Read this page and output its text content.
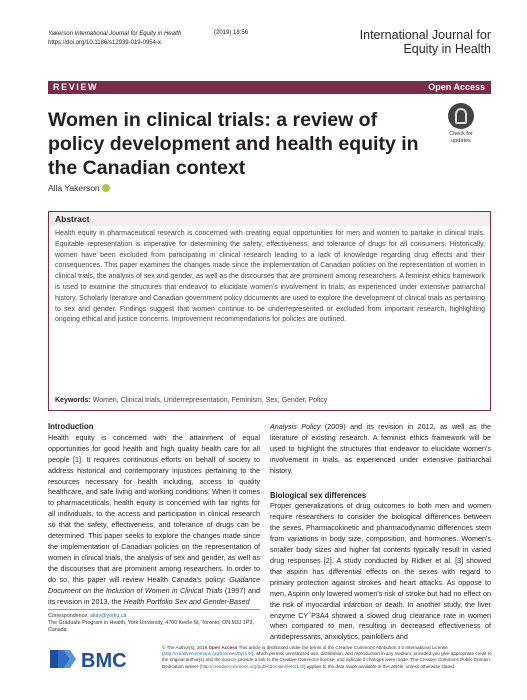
Yakerson International Journal for Equity in Health
https://doi.org/10.1186/s12939-019-0954-x
(2019) 18:56	International Journal for Equity in Health
REVIEW	Open Access
Women in clinical trials: a review of policy development and health equity in the Canadian context
Check for
updates
Alla Yakerson
Abstract

Health equity in pharmaceutical research is concerned with creating equal opportunities for men and women to partake in clinical trials. Equitable representation is imperative for determining the safety, effectiveness, and tolerance of drugs for all consumers. Historically, women have been excluded from participating in clinical research leading to a lack of knowledge regarding drug effects and their consequences. This paper examines the changes made since the implementation of Canadian policies on the representation of women in clinical trials, the analysis of sex and gender, as well as the discourses that are prominent among researchers. A feminist ethics framework is used to examine the structures that endeavor to elucidate women's involvement in trials, as experienced under extensive patriarchal history. Scholarly literature and Canadian government policy documents are used to explore the development of clinical trials as pertaining to sex and gender. Findings suggest that women continue to be underrepresented or excluded from important research, highlighting ongoing ethical and justice concerns. Improvement recommendations for policies are outlined.

Keywords: Women, Clinical trials, Underrepresentation, Feminism, Sex, Gender, Policy

Introduction

Health equity is concerned with the attainment of equal opportunities for good health and high quality health care for all people [1]. It requires continuous efforts on behalf of society to address historical and contemporary injustices pertaining to the resources necessary for health including, access to quality healthcare, and safe living and working conditions. When it comes to pharmaceuticals, health equity is concerned with fair rights for all individuals, to the access and participation in clinical research so that the safety, effectiveness, and tolerance of drugs can be determined. This paper seeks to explore the changes made since the implementation of Canadian policies on the representation of women in clinical trials, the analysis of sex and gender, as well as the discourses that are prominent among researchers. In order to do so, this paper will review Health Canada's policy: Guidance Document on the Inclusion of Women in Clinical Trials (1997) and its revision in 2013, the Health Portfolio Sex and Gender-Based

Analysis Policy (2009) and its revision in 2012, as well as the literature of existing research. A feminist ethics framework will be used to highlight the structures that endeavor to elucidate women's involvement in trials, as experienced under extensive patriarchal history.

Biological sex differences

Proper generalizations of drug outcomes to both men and women require researchers to consider the biological differences between the sexes. Pharmacokinetic and pharmacodynamic differences stem from variations in body size, composition, and hormones. Women's smaller body sizes and higher fat contents typically result in varied drug responses [2]. A study conducted by Ridker et al. [3] showed that aspirin has differential effects on the sexes with regard to primary protection against strokes and heart attacks. As oppose to men, Aspirin only lowered women's risk of stroke but had no effect on the risk of myocardial infarction or death. In another study, the liver enzyme CY P3A4 showed a slowed drug clearance rate in women when compared to men, resulting in decreased effectiveness of antidepressants, anxiolytics, painkillers and

Correspondence: allay@yorku.ca
The Graduate Program in Health, York University, 4700 Keele St, Toronto, ON M3J 1P3, Canada
BMC
© The Author(s). 2019 Open Access This article is distributed under the terms of the Creative Commons Attribution 4.0 International License (http://creativecommons.org/licenses/by/4.0/), which permits unrestricted use, distribution, and reproduction in any medium, provided you give appropriate credit to the original author(s) and the source, provide a link to the Creative Commons license, and indicate if changes were made. The Creative Commons Public Domain Dedication waiver (http://creativecommons.org/publicdomain/zero/1.0/) applies to the data made available in this article, unless otherwise stated.
